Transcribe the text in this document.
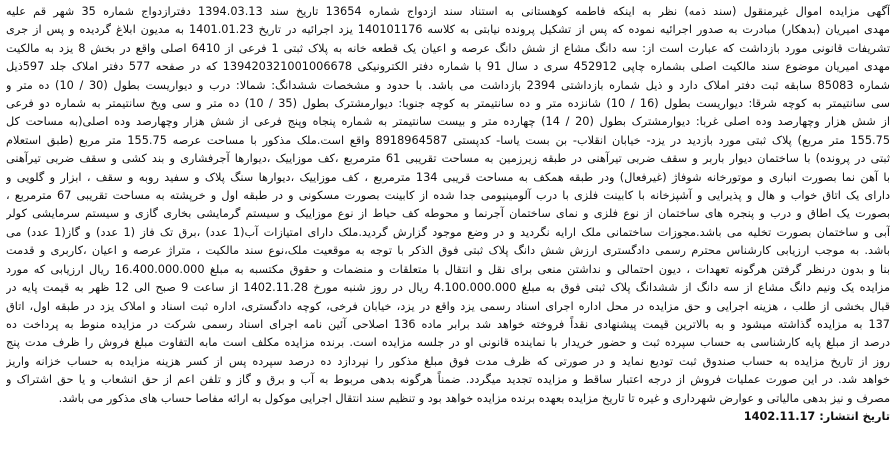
آگهی مزایده اموال غیرمنقول (سند ذمه) نظر به اینکه فاطمه کوهستانی به استناد سند ازدواج شماره 13654 تاریخ سند 1394.03.13 دفترازدواج شماره 35 شهر قم علیه
مهدی امیریان (بدهکار) مبادرت به صدور اجرائیه نموده که پس از تشکیل پرونده نیابتی به کلاسه 140101176 یزد اجرائیه در تاریخ 1401.01.23 به مدیون ابلاغ گردیده و پس از جری
تشریفات قانونی مورد بازداشت که عبارت است از: سه دانگ مشاع از شش دانگ عرصه و اعیان یک قطعه خانه به پلاک ثبتی 1 فرعی از 6410 اصلی واقع در بخش 8 یزد به مالکیت
مهدی امیریان موضوع سند مالکیت اصلی بشماره چاپی 452912 سری د سال 91 با شماره دفتر الکترونیکی 139420321001006678 که در صفحه 577 دفتر املاک جلد 597ذیل
شماره 85083 سابقه ثبت دفتر املاک دارد و ذیل شماره بازداشتی 2394 بازداشت می باشد. با حدود و مشخصات ششدانگ: شمالا: درب و دیواریست بطول (30 / 10) ده متر و
سی سانتیمتر به کوچه شرقا: دیواریست بطول (16 / 10) شانزده متر و ده سانتیمتر به کوچه جنوبا: دیوارمشترک بطول (35 / 10) ده متر و سی ویخ سانتیمتر به شماره دو فرعی
از شش هزار وچهارصد وده اصلی غربا: دیوارمشترک بطول (20 / 14) چهارده متر و بیست سانتیمتر به شماره پنجاه وپنج فرعی از شش هزار وچهارصد وده اصلی(به مساحت کل
155.75 متر مربع) پلاک ثبتی مورد بازدید در یزد- خیابان انقلاب- بن بست یاسا- کدپستی 8918964587 واقع است.ملک مذکور با مساحت عرصه 155.75 متر مربع (طبق استعلام
ثبتی در پرونده) با ساختمان دیوار باربر و سقف ضربی تیرآهنی در طبقه زیرزمین به مساحت تقریبی 61 مترمربع ،کف موزاییک ،دیوارها آجرفشاری و بند کشی و سقف ضربی تیرآهنی
با آهن نما بصورت انباری و موتورخانه شوفاژ (غیرفعال) ودر طبقه همکف به مساحت قریبی 134 مترمربع ، کف موزاییک ،دیوارها سنگ پلاک و سفید روبه و سقف ، ابزار و گلویی و
دارای یک اتاق خواب و هال و پذیرایی و آشپزخانه با کابینت فلزی با درب آلومینیومی جدا شده از کابینت بصورت مسکونی و در طبقه اول و خرپشته به مساحت تقریبی 67 مترمربع ،
بصورت یک اطاق و درب و پنجره های ساختمان از نوع فلزی و نمای ساختمان آجرنما و محوطه کف حیاط از نوع موزاییک و سیستم گرمایشی بخاری گازی و سیستم سرمایشی کولر
آبی و ساختمان بصورت تخلیه می باشد.مجوزات ساختمانی ملک ارایه نگردید و در وضع موجود گزارش گردید.ملک دارای امتیازات آب(1 عدد) ،برق تک فاز (1 عدد) و گاز(1 عدد) می
باشد. به موجب ارزیابی کارشناس محترم رسمی دادگستری ارزش شش دانگ پلاک ثبتی فوق الذکر با توجه به موقعیت ملک،نوع سند مالکیت ، متراژ عرصه و اعیان ،کاربری و قدمت
بنا و بدون درنظر گرفتن هرگونه تعهدات ، دیون احتمالی و نداشتن منعی برای نقل و انتقال با متعلقات و منضمات و حقوق مکتسبه به مبلغ 16.400.000.000 ریال ارزیابی که مورد
مزایده یک ونیم دانگ مشاع از سه دانگ از ششدانگ پلاک ثبتی فوق به مبلغ 4.100.000.000 ریال در روز شنبه مورخ 1402.11.28 از ساعت 9 صبح الی 12 ظهر به قیمت پایه در
قبال بخشی از طلب ، هزینه اجرایی و حق مزایده در محل اداره اجرای اسناد رسمی یزد واقع در یزد، خیابان فرخی، کوچه دادگستری، اداره ثبت اسناد و املاک یزد در طبقه اول، اتاق
137 به مزایده گذاشته میشود و به بالاترین قیمت پیشنهادی نقداً فروخته خواهد شد برابر ماده 136 اصلاحی آئین نامه اجرای اسناد رسمی شرکت در مزایده منوط به پرداخت ده
درصد از مبلغ پایه کارشناسی به حساب سپرده ثبت و حضور خریدار با نماینده قانونی او در جلسه مزایده است. برنده مزایده مکلف است مابه التفاوت مبلغ فروش را ظرف مدت پنج
روز از تاریخ مزایده به حساب صندوق ثبت تودیع نماید و در صورتی که ظرف مدت فوق مبلغ مذکور را نپردازد ده درصد سپرده پس از کسر هزینه مزایده به حساب خزانه واریز
خواهد شد. در این صورت عملیات فروش از درجه اعتبار ساقط و مزایده تجدید میگردد. ضمناً هرگونه بدهی مربوط به آب و برق و گاز و تلفن اعم از حق انشعاب و یا حق اشتراک و
مصرف و نیز بدهی مالیاتی و عوارض شهرداری و غیره تا تاریخ مزایده بعهده برنده مزایده خواهد بود و تنظیم سند انتقال اجرایی موکول به ارائه مفاصا حساب های مذکور می باشد.
تاریخ انتشار: 1402.11.17
